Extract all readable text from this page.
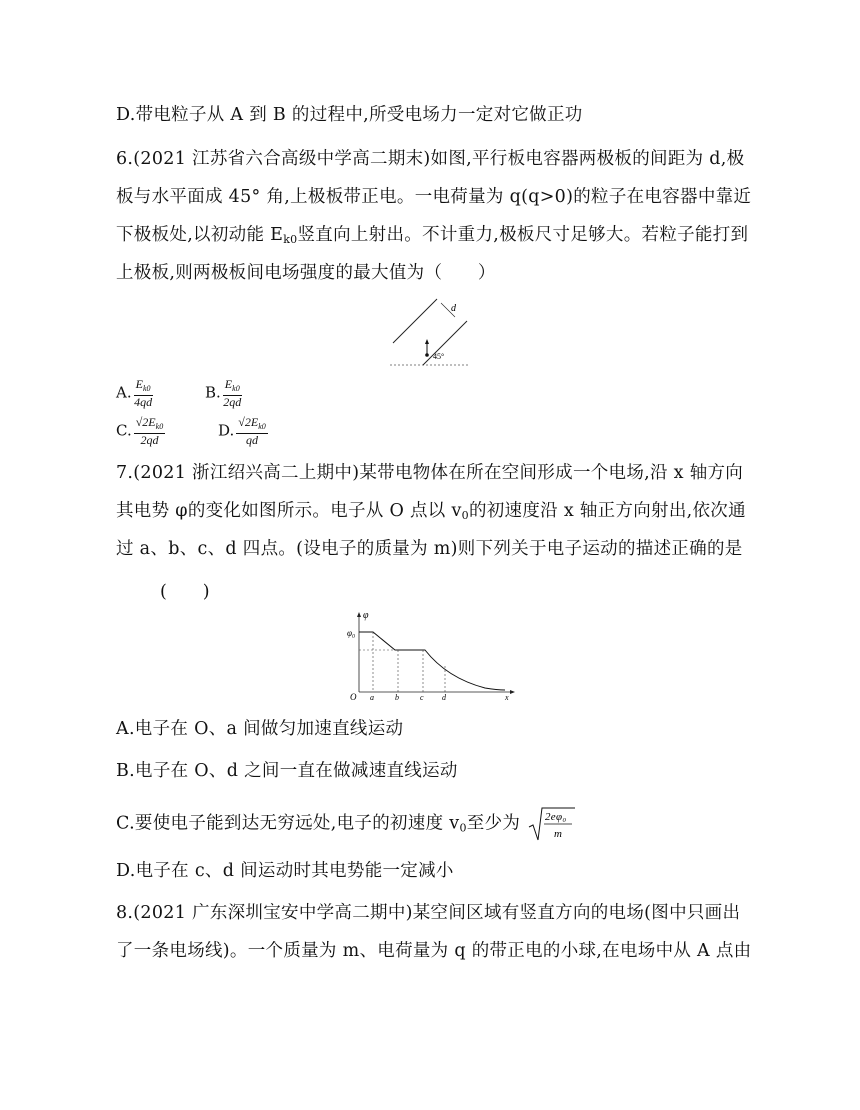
D.带电粒子从 A 到 B 的过程中,所受电场力一定对它做正功
6.(2021 江苏省六合高级中学高二期末)如图,平行板电容器两极板的间距为 d,极
板与水平面成 45° 角,上极板带正电。一电荷量为 q(q>0)的粒子在电容器中靠近
下极板处,以初动能 $E_{k0}$竖直向上射出。不计重力,极板尺寸足够大。若粒子能打到
上极板,则两极板间电场强度的最大值为（　　）
d
45°
A. $\frac{E_{k0}}{4qd}$	B. $\frac{E_{k0}}{2qd}$
C. $\frac{√2E_{k0}}{2qd}$	D. $\frac{√2E_{k0}}{qd}$
7.(2021 浙江绍兴高二上期中)某带电物体在所在空间形成一个电场,沿 x 轴方向
其电势 φ的变化如图所示。电子从 O 点以 $v_0$的初速度沿 x 轴正方向射出,依次通
过 a、b、c、d 四点。(设电子的质量为 m)则下列关于电子运动的描述正确的是
(　　)
φ
φ₀
O a	b	c d	x
A.电子在 O、a 间做匀加速直线运动
B.电子在 O、d 之间一直在做减速直线运动
C.要使电子能到达无穷远处,电子的初速度 $v_0$至少为 2eφ₀
m
D.电子在 c、d 间运动时其电势能一定减小
8.(2021 广东深圳宝安中学高二期中)某空间区域有竖直方向的电场(图中只画出
了一条电场线)。一个质量为 m、电荷量为 q 的带正电的小球,在电场中从 A 点由
